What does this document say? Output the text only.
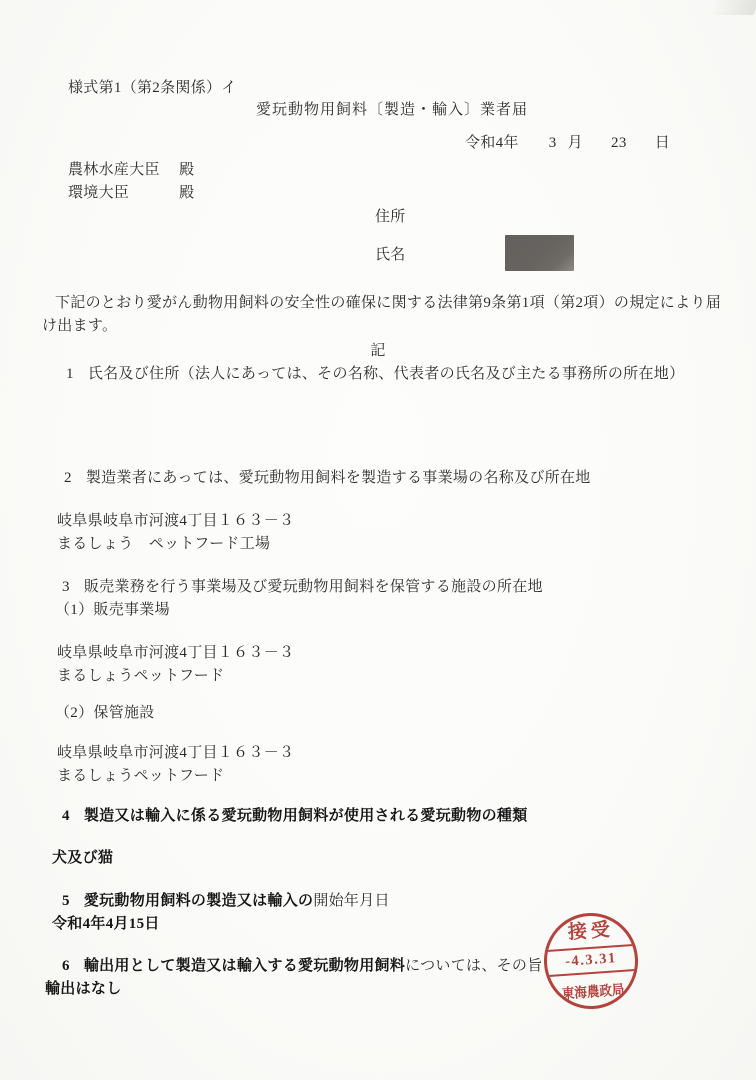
様式第1（第2条関係）イ
愛玩動物用飼料〔製造・輸入〕業者届
令和4年 3 月 23 日
農林水産大臣 殿
環境大臣	殿
住所
氏名
下記のとおり愛がん動物用飼料の安全性の確保に関する法律第9条第1項（第2項）の規定により届
け出ます。
記
1 氏名及び住所（法人にあっては、その名称、代表者の氏名及び主たる事務所の所在地）
2 製造業者にあっては、愛玩動物用飼料を製造する事業場の名称及び所在地
岐阜県岐阜市河渡4丁目１６３－３
まるしょう　ペットフード工場
3 販売業務を行う事業場及び愛玩動物用飼料を保管する施設の所在地
（1）販売事業場
岐阜県岐阜市河渡4丁目１６３－３
まるしょうペットフード
（2）保管施設
岐阜県岐阜市河渡4丁目１６３－３
まるしょうペットフード
4 製造又は輸入に係る愛玩動物用飼料が使用される愛玩動物の種類
犬及び猫
5 愛玩動物用飼料の製造又は輸入の開始年月日
令和4年4月15日
6 輸出用として製造又は輸入する愛玩動物用飼料については、その旨
輸出はなし
接受
-4.3.31
東海農政局
